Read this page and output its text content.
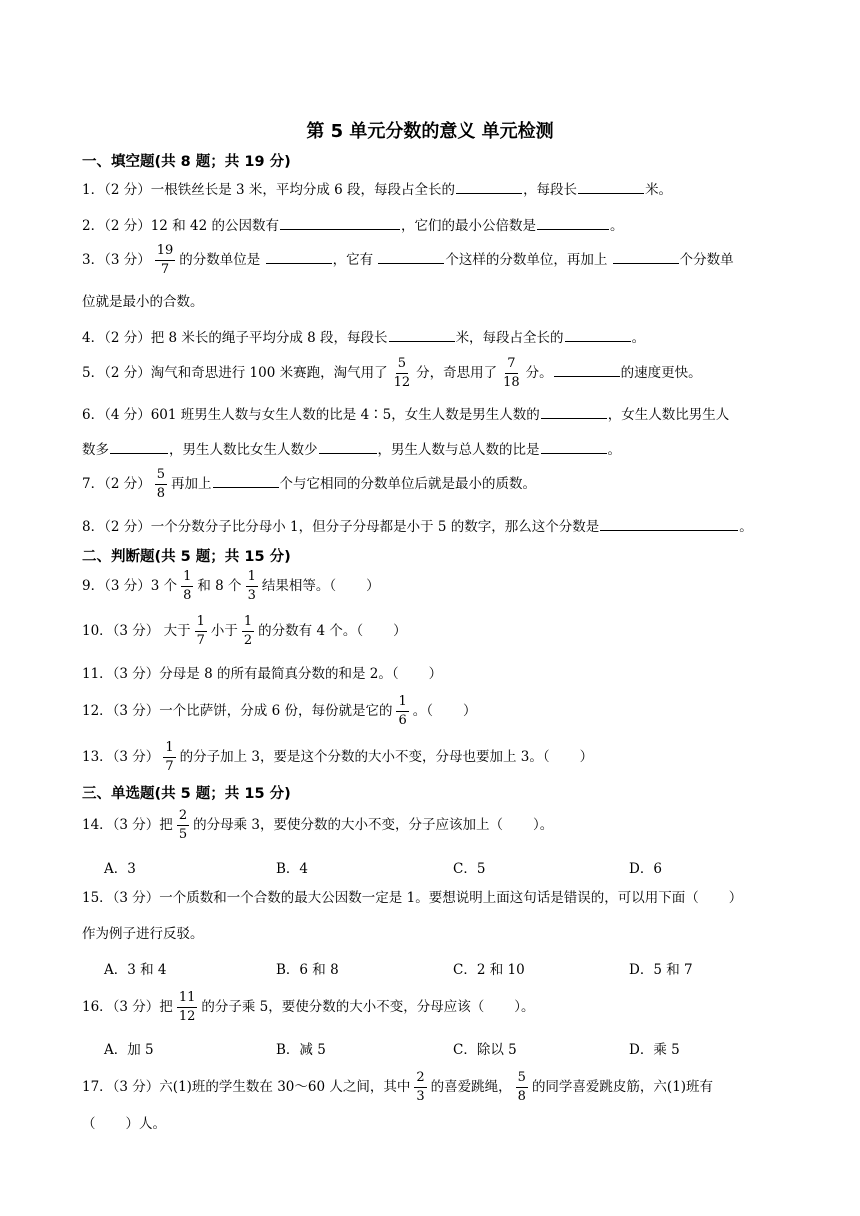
第 5 单元分数的意义 单元检测
一、填空题(共 8 题；共 19 分)
1．（2 分）一根铁丝长是 3 米，平均分成 6 段，每段占全长的	，每段长	米。
2．（2 分）12 和 42 的公因数有	，它们的最小公倍数是	。
3．（3 分） $\frac{19}{7}$ 的分数单位是	，它有	个这样的分数单位，再加上	个分数单
位就是最小的合数。
4．（2 分）把 8 米长的绳子平均分成 8 段，每段长	米，每段占全长的	。
5．（2 分）淘气和奇思进行 100 米赛跑，淘气用了 $\frac{5}{12}$ 分，奇思用了 $\frac{7}{18}$ 分。	的速度更快。
6．（4 分）601 班男生人数与女生人数的比是 4∶5，女生人数是男生人数的	，女生人数比男生人
数多	，男生人数比女生人数少	，男生人数与总人数的比是	。
7．（2 分） $\frac{5}{8}$ 再加上	个与它相同的分数单位后就是最小的质数。
8．（2 分）一个分数分子比分母小 1，但分子分母都是小于 5 的数字，那么这个分数是	。
二、判断题(共 5 题；共 15 分)
9．（3 分）3 个 $\frac{1}{8}$ 和 8 个 $\frac{1}{3}$ 结果相等。（ ）
10．（3 分） 大于 $\frac{1}{7}$ 小于 $\frac{1}{2}$ 的分数有 4 个。（ ）
11．（3 分）分母是 8 的所有最简真分数的和是 2。（ ）
12．（3 分）一个比萨饼，分成 6 份，每份就是它的 $\frac{1}{6}$ 。（ ）
13．（3 分） $\frac{1}{7}$ 的分子加上 3，要是这个分数的大小不变，分母也要加上 3。（ ）
三、单选题(共 5 题；共 15 分)
14．（3 分）把 $\frac{2}{5}$ 的分母乘 3，要使分数的大小不变，分子应该加上（ ）。
A．3	B．4	C．5	D．6
15．（3 分）一个质数和一个合数的最大公因数一定是 1。要想说明上面这句话是错误的，可以用下面（ ）
作为例子进行反驳。
A．3 和 4	B．6 和 8	C．2 和 10	D．5 和 7
16．（3 分）把 $\frac{11}{12}$ 的分子乘 5，要使分数的大小不变，分母应该（ ）。
A．加 5	B．减 5	C．除以 5	D．乘 5
17．（3 分）六(1)班的学生数在 30～60 人之间，其中 $\frac{2}{3}$ 的喜爱跳绳， $\frac{5}{8}$ 的同学喜爱跳皮筋，六(1)班有
（ ）人。
